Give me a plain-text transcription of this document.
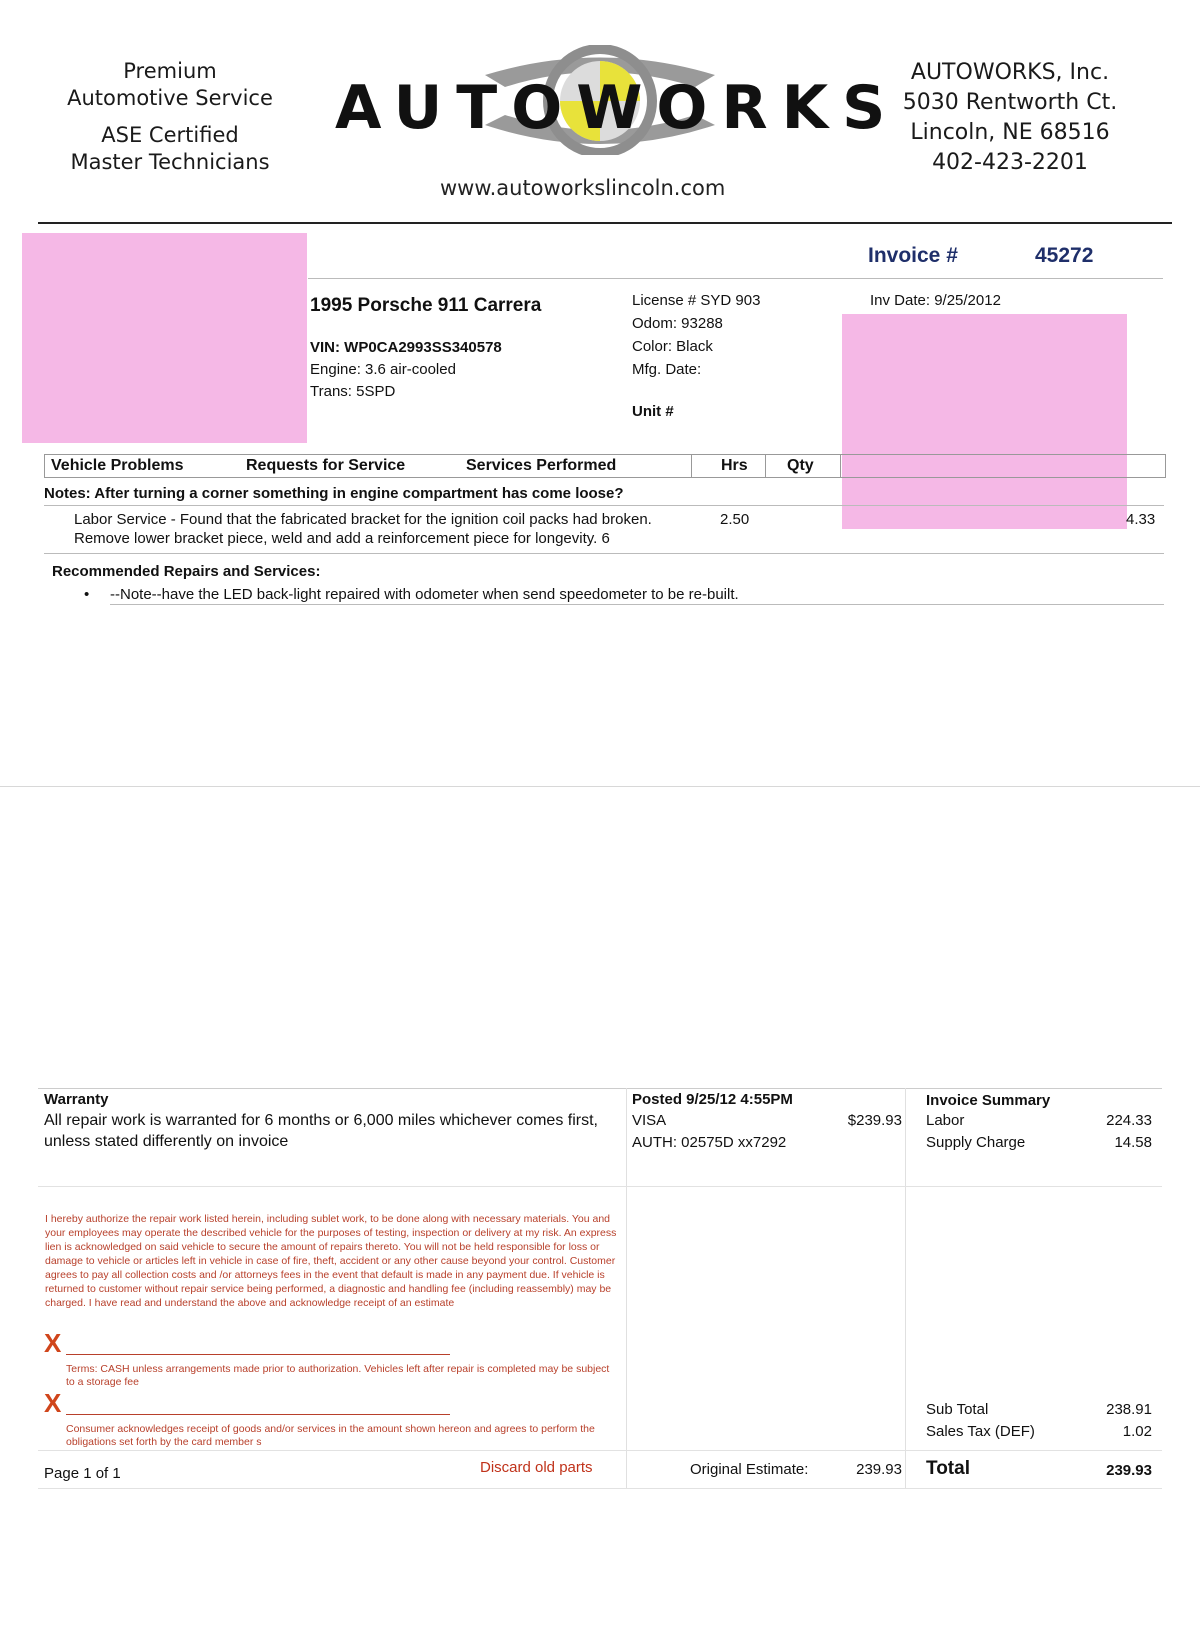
Premium
Automotive Service
ASE Certified
Master Technicians
AUTOWORKS
www.autoworkslincoln.com
AUTOWORKS, Inc.
5030 Rentworth Ct.
Lincoln, NE 68516
402-423-2201
Invoice #	45272
Inv Date: 9/25/2012
1995 Porsche 911 Carrera
VIN: WP0CA2993SS340578
Engine: 3.6 air-cooled
Trans: 5SPD
License # SYD 903
Odom: 93288
Color: Black
Mfg. Date:
Unit #
Vehicle Problems	Requests for Service	Services Performed	Hrs Qty
Notes: After turning a corner something in engine compartment has come loose?
Labor Service - Found that the fabricated bracket for the ignition coil packs had broken.
Remove lower bracket piece, weld and add a reinforcement piece for longevity. 6
2.50	4.33
Recommended Repairs and Services:
• --Note--have the LED back-light repaired with odometer when send speedometer to be re-built.
Warranty
All repair work is warranted for 6 months or 6,000 miles whichever comes first,
unless stated differently on invoice
Posted 9/25/12 4:55PM
VISA	$239.93
AUTH: 02575D xx7292
Invoice Summary
Labor	224.33
Supply Charge	14.58
I hereby authorize the repair work listed herein, including sublet work, to be done along with necessary materials. You and your employees may operate the described vehicle for the purposes of testing, inspection or delivery at my risk. An express lien is acknowledged on said vehicle to secure the amount of repairs thereto. You will not be held responsible for loss or damage to vehicle or articles left in vehicle in case of fire, theft, accident or any other cause beyond your control. Customer agrees to pay all collection costs and /or attorneys fees in the event that default is made in any payment due. If vehicle is returned to customer without repair service being performed, a diagnostic and handling fee (including reassembly) may be charged. I have read and understand the above and acknowledge receipt of an estimate
X
Terms: CASH unless arrangements made prior to authorization. Vehicles left after repair is completed may be subject to a storage fee
X
Consumer acknowledges receipt of goods and/or services in the amount shown hereon and agrees to perform the obligations set forth by the card member s
Sub Total	238.91
Sales Tax (DEF)	1.02
Page 1 of 1	Discard old parts	Original Estimate:	239.93 Total	239.93
